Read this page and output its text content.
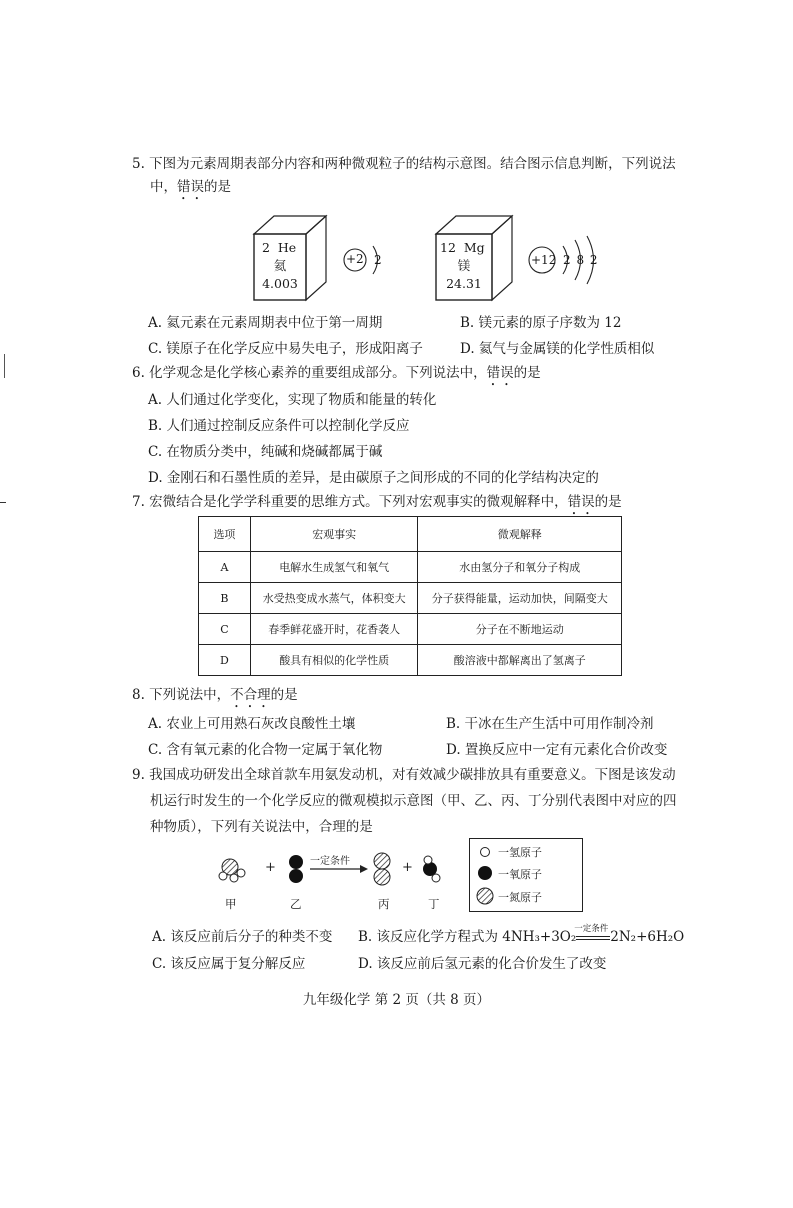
5. 下图为元素周期表部分内容和两种微观粒子的结构示意图。结合图示信息判断，下列说法
中，错误的是
2 He
氦
4.003
+2 2
12 Mg
镁
24.31
+12 2 8 2
A. 氦元素在元素周期表中位于第一周期	B. 镁元素的原子序数为 12
C. 镁原子在化学反应中易失电子，形成阳离子	D. 氦气与金属镁的化学性质相似
6. 化学观念是化学核心素养的重要组成部分。下列说法中，错误的是
A. 人们通过化学变化，实现了物质和能量的转化
B. 人们通过控制反应条件可以控制化学反应
C. 在物质分类中，纯碱和烧碱都属于碱
D. 金刚石和石墨性质的差异，是由碳原子之间形成的不同的化学结构决定的
7. 宏微结合是化学学科重要的思维方式。下列对宏观事实的微观解释中，错误的是
选项	宏观事实	微观解释
A	电解水生成氢气和氧气	水由氢分子和氧分子构成
B	水受热变成水蒸气，体积变大	分子获得能量，运动加快，间隔变大
C	春季鲜花盛开时，花香袭人	分子在不断地运动
D	酸具有相似的化学性质	酸溶液中都解离出了氢离子
8. 下列说法中，不合理的是
A. 农业上可用熟石灰改良酸性土壤	B. 干冰在生产生活中可用作制冷剂
C. 含有氧元素的化合物一定属于氧化物	D. 置换反应中一定有元素化合价改变
9. 我国成功研发出全球首款车用氨发动机，对有效减少碳排放具有重要意义。下图是该发动
机运行时发生的一个化学反应的微观模拟示意图（甲、乙、丙、丁分别代表图中对应的四
种物质），下列有关说法中，合理的是
+	一定条件	+
甲	乙	丙	丁
一氢原子
一氧原子
一氮原子
A. 该反应前后分子的种类不变 B. 该反应化学方程式为 4NH₃+3O₂
一定条件
2N₂+6H₂O
C. 该反应属于复分解反应	D. 该反应前后氢元素的化合价发生了改变
九年级化学 第 2 页（共 8 页）
